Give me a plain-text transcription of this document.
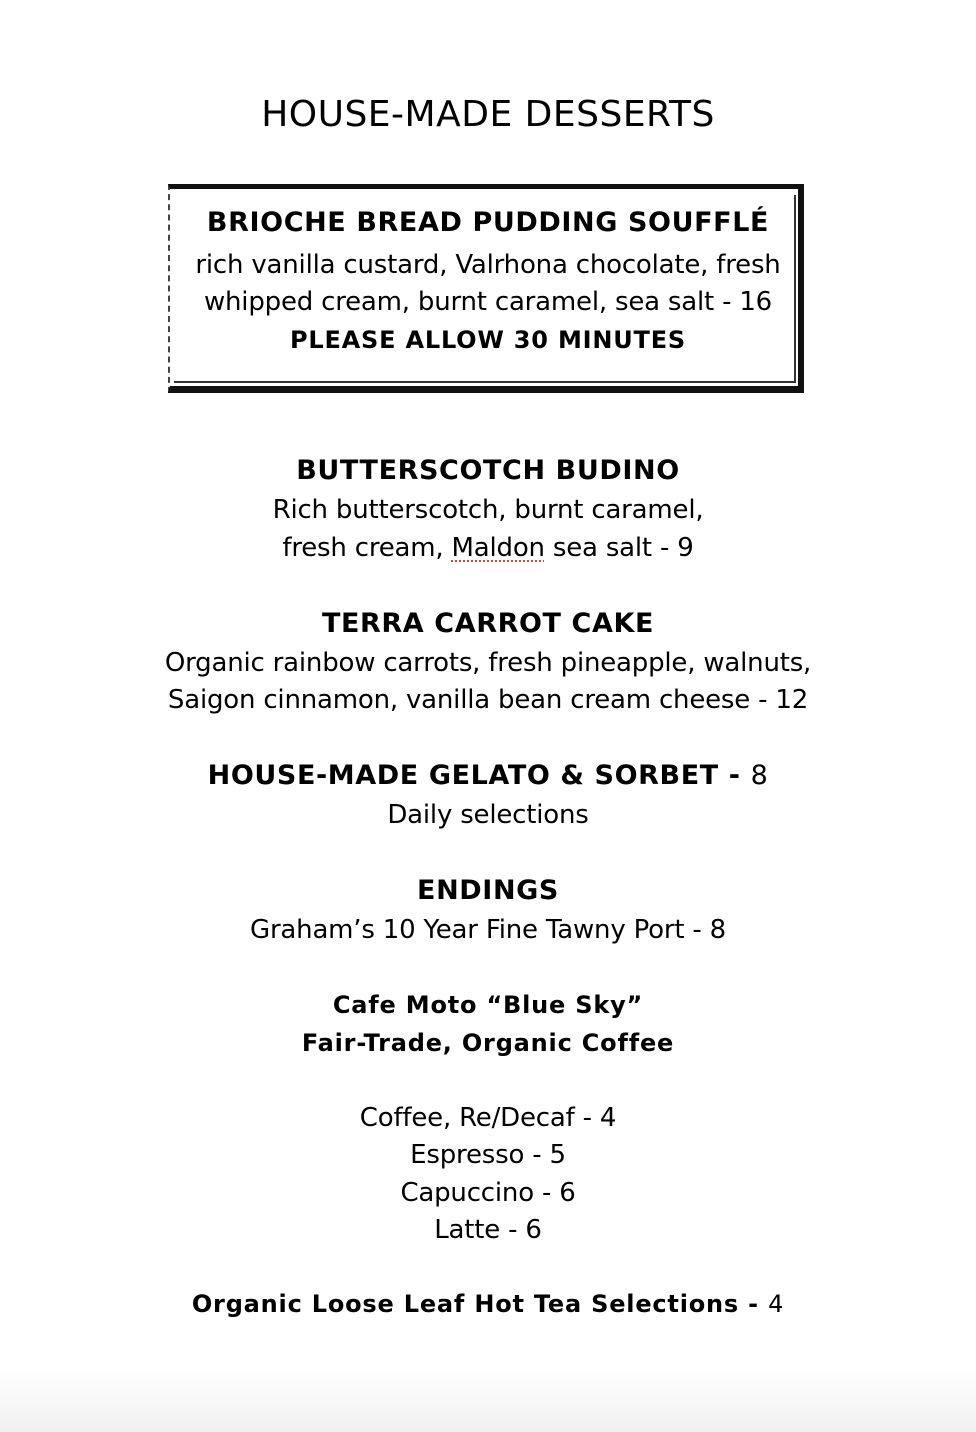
HOUSE-MADE DESSERTS
BRIOCHE BREAD PUDDING SOUFFLÉ
rich vanilla custard, Valrhona chocolate, fresh
whipped cream, burnt caramel, sea salt - 16
PLEASE ALLOW 30 MINUTES
BUTTERSCOTCH BUDINO
Rich butterscotch, burnt caramel,
fresh cream, Maldon sea salt - 9
TERRA CARROT CAKE
Organic rainbow carrots, fresh pineapple, walnuts,
Saigon cinnamon, vanilla bean cream cheese - 12
HOUSE-MADE GELATO & SORBET - 8
Daily selections
ENDINGS
Graham’s 10 Year Fine Tawny Port - 8
Cafe Moto “Blue Sky”
Fair-Trade, Organic Coffee
Coffee, Re/Decaf - 4
Espresso - 5
Capuccino - 6
Latte - 6
Organic Loose Leaf Hot Tea Selections - 4
